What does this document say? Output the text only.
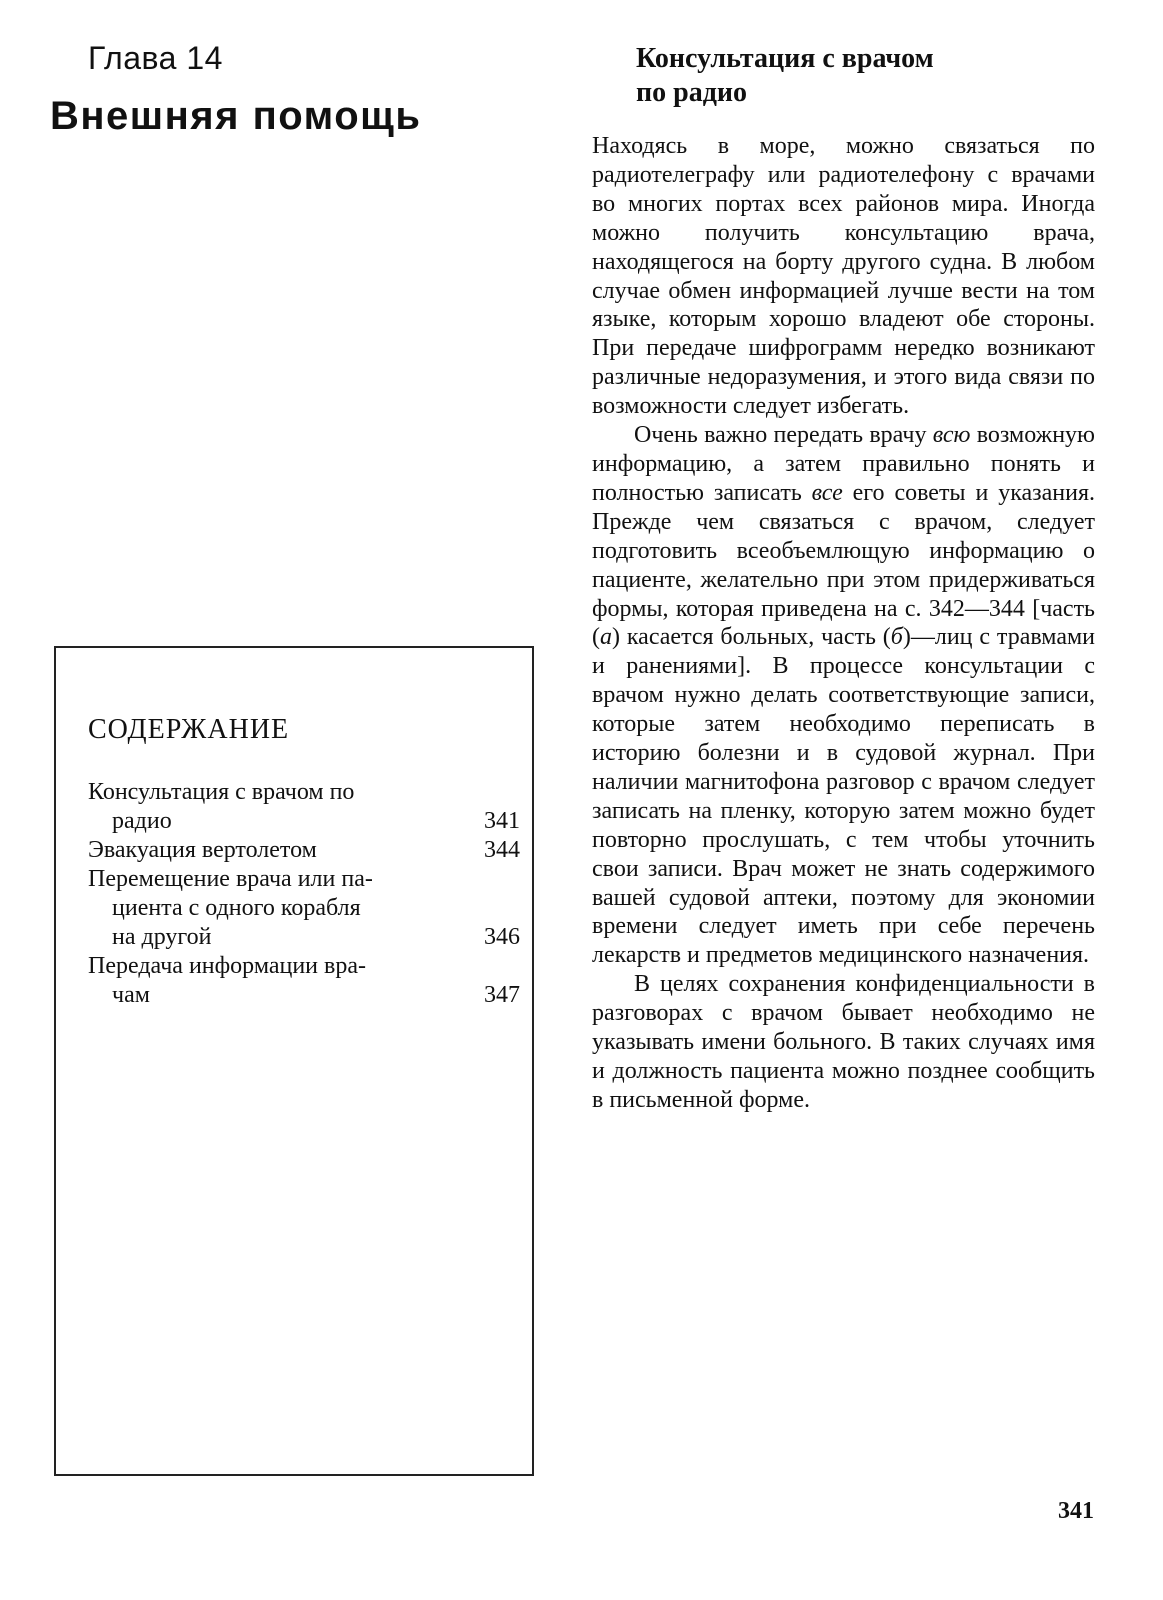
Глава 14
Внешняя помощь
СОДЕРЖАНИЕ
Консультация с врачом по
радио	341
Эвакуация вертолетом	344
Перемещение врача или па-
циента с одного корабля
на другой	346
Передача информации вра-
чам	347
Консультация с врачом
по радио

Находясь в море, можно связаться по радиотелеграфу или радиотелефону с врачами во многих портах всех районов мира. Иногда можно получить консультацию врача, находящегося на борту другого судна. В любом случае обмен информацией лучше вести на том языке, которым хорошо владеют обе стороны. При передаче шифрограмм нередко возникают различные недоразумения, и этого вида связи по возможности следует избегать.

Очень важно передать врачу всю возможную информацию, а затем правильно понять и полностью записать все его советы и указания. Прежде чем связаться с врачом, следует подготовить всеобъемлющую информацию о пациенте, желательно при этом придерживаться формы, которая приведена на с. 342—344 [часть (а) касается больных, часть (б)—лиц с травмами и ранениями]. В процессе консультации с врачом нужно делать соответствующие записи, которые затем необходимо переписать в историю болезни и в судовой журнал. При наличии магнитофона разговор с врачом следует записать на пленку, которую затем можно будет повторно прослушать, с тем чтобы уточнить свои записи. Врач может не знать содержимого вашей судовой аптеки, поэтому для экономии времени следует иметь при себе перечень лекарств и предметов медицинского назначения.

В целях сохранения конфиденциальности в разговорах с врачом бывает необходимо не указывать имени больного. В таких случаях имя и должность пациента можно позднее сообщить в письменной форме.

341
